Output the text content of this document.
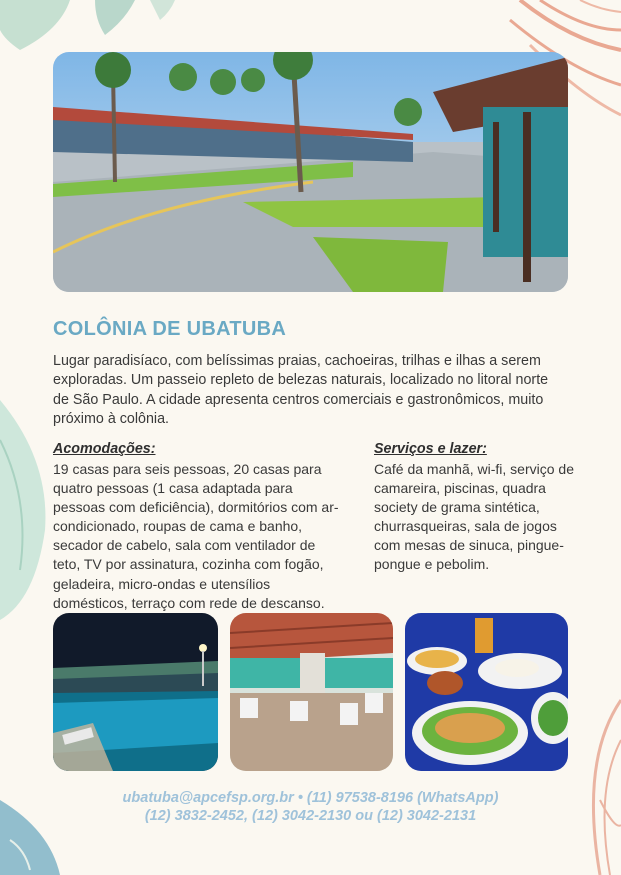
COLÔNIA DE UBATUBA

Lugar paradisíaco, com belíssimas praias, cachoeiras, trilhas e ilhas a serem exploradas. Um passeio repleto de belezas naturais, localizado no litoral norte de São Paulo. A cidade apresenta centros comerciais e gastronômicos, muito próximo à colônia.

Acomodações:

19 casas para seis pessoas, 20 casas para quatro pessoas (1 casa adaptada para pessoas com deficiência), dormitórios com ar-condicionado, roupas de cama e banho, secador de cabelo, sala com ventilador de teto, TV por assinatura, cozinha com fogão, geladeira, micro-ondas e utensílios domésticos, terraço com rede de descanso.

Serviços e lazer:

Café da manhã, wi-fi, serviço de camareira, piscinas, quadra society de grama sintética, churrasqueiras, sala de jogos com mesas de sinuca, pingue-pongue e pebolim.

ubatuba@apcefsp.org.br • (11) 97538-8196 (WhatsApp)

(12) 3832-2452, (12) 3042-2130 ou (12) 3042-2131
